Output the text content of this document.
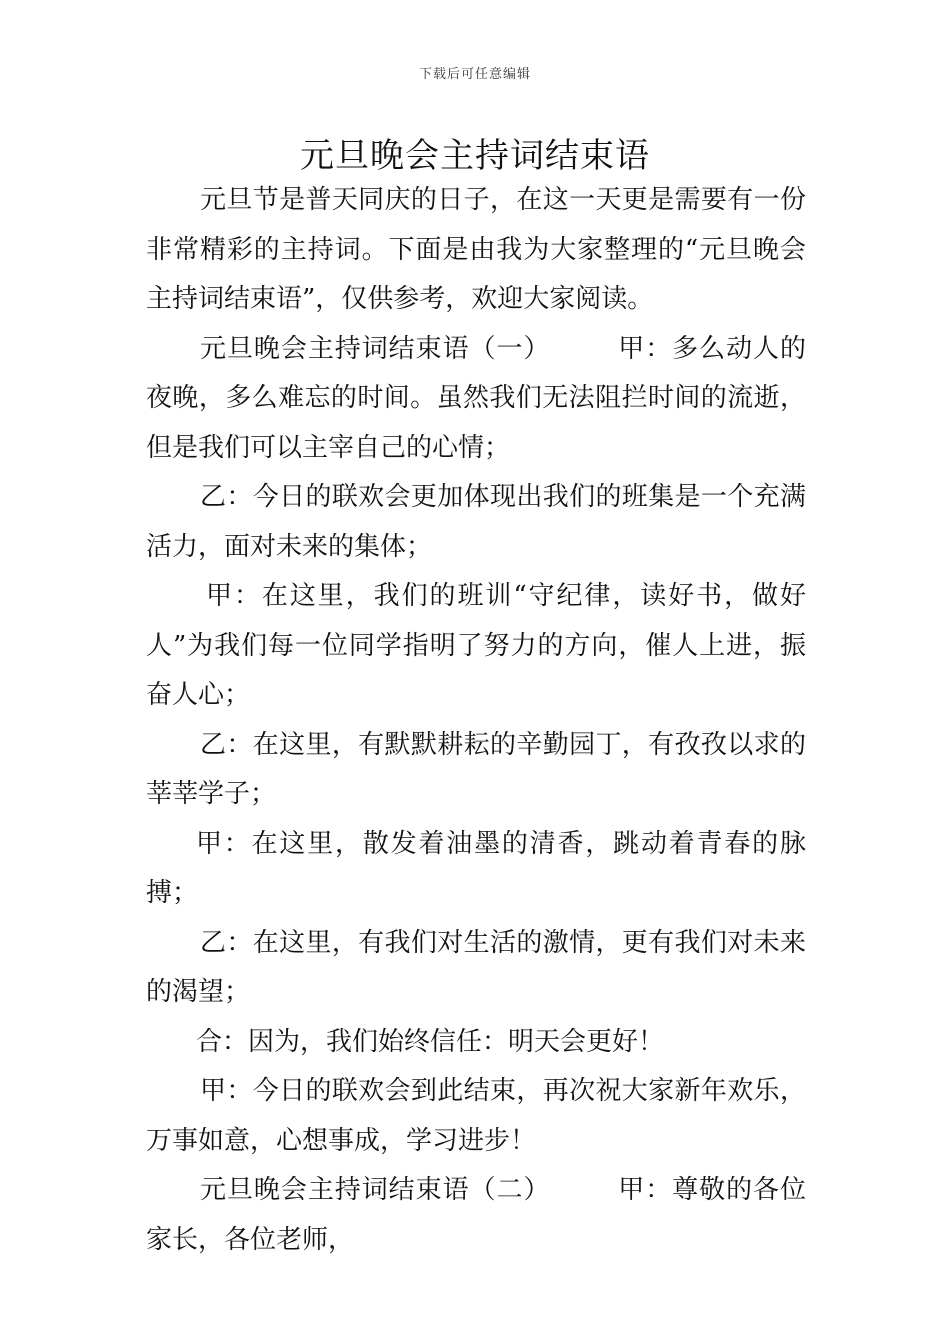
下载后可任意编辑
元旦晚会主持词结束语

元旦节是普天同庆的日子，在这一天更是需要有一份非常精彩的主持词。下面是由我为大家整理的“元旦晚会主持词结束语”，仅供参考，欢迎大家阅读。

元旦晚会主持词结束语（一）　　　甲：多么动人的夜晚，多么难忘的时间。虽然我们无法阻拦时间的流逝，但是我们可以主宰自己的心情；

乙：今日的联欢会更加体现出我们的班集是一个充满活力，面对未来的集体；

甲：在这里，我们的班训“守纪律，读好书，做好人”为我们每一位同学指明了努力的方向，催人上进，振奋人心；

乙：在这里，有默默耕耘的辛勤园丁，有孜孜以求的莘莘学子；

甲：在这里，散发着油墨的清香，跳动着青春的脉搏；

乙：在这里，有我们对生活的激情，更有我们对未来的渴望；

合：因为，我们始终信任：明天会更好！

甲：今日的联欢会到此结束，再次祝大家新年欢乐，万事如意，心想事成，学习进步！

元旦晚会主持词结束语（二）　　　甲：尊敬的各位家长，各位老师，
